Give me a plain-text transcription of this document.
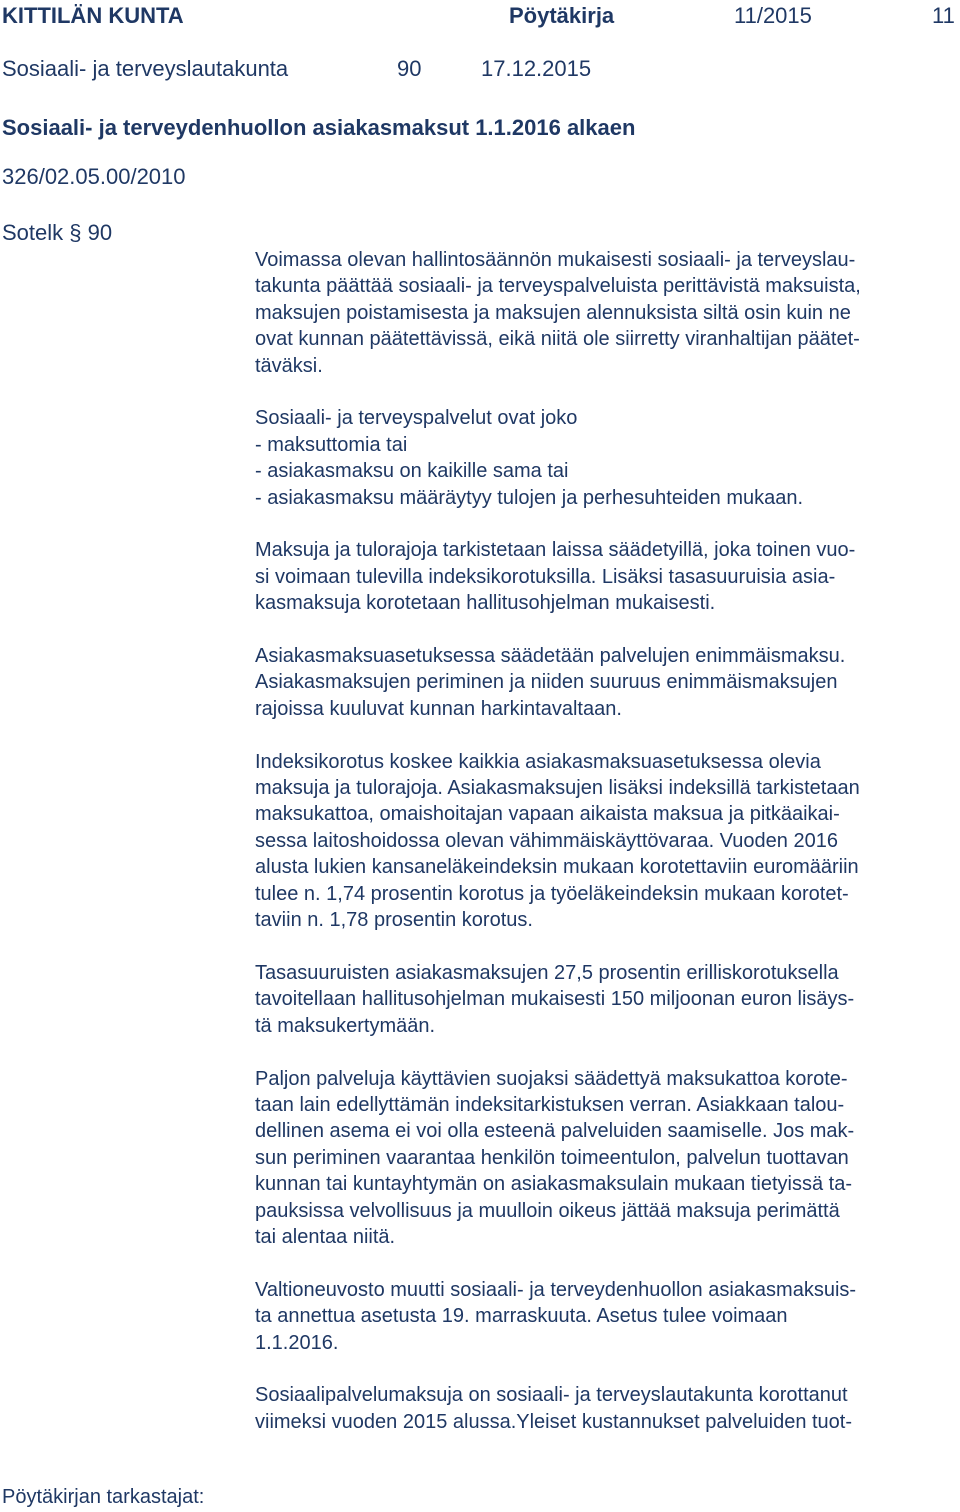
KITTILÄN KUNTA	Pöytäkirja	11/2015	11
Sosiaali- ja terveyslautakunta	90	17.12.2015
Sosiaali- ja terveydenhuollon asiakasmaksut 1.1.2016 alkaen
326/02.05.00/2010
Sotelk § 90

Voimassa olevan hallintosäännön mukaisesti sosiaali- ja terveyslau-
takunta päättää sosiaali- ja terveyspalveluista perittävistä maksuista,
maksujen poistamisesta ja maksujen alennuksista siltä osin kuin ne
ovat kunnan päätettävissä, eikä niitä ole siirretty viranhaltijan päätet-
täväksi.

Sosiaali- ja terveyspalvelut ovat joko
- maksuttomia tai
- asiakasmaksu on kaikille sama tai
- asiakasmaksu määräytyy tulojen ja perhesuhteiden mukaan.

Maksuja ja tulorajoja tarkistetaan laissa säädetyillä, joka toinen vuo-
si voimaan tulevilla indeksikorotuksilla. Lisäksi tasasuuruisia asia-
kasmaksuja korotetaan hallitusohjelman mukaisesti.

Asiakasmaksuasetuksessa säädetään palvelujen enimmäismaksu.
Asiakasmaksujen periminen ja niiden suuruus enimmäismaksujen
rajoissa kuuluvat kunnan harkintavaltaan.

Indeksikorotus koskee kaikkia asiakasmaksuasetuksessa olevia
maksuja ja tulorajoja. Asiakasmaksujen lisäksi indeksillä tarkistetaan
maksukattoa, omaishoitajan vapaan aikaista maksua ja pitkäaikai-
sessa laitoshoidossa olevan vähimmäiskäyttövaraa. Vuoden 2016
alusta lukien kansaneläkeindeksin mukaan korotettaviin euromääriin
tulee n. 1,74 prosentin korotus ja työeläkeindeksin mukaan korotet-
taviin n. 1,78 prosentin korotus.

Tasasuuruisten asiakasmaksujen 27,5 prosentin erilliskorotuksella
tavoitellaan hallitusohjelman mukaisesti 150 miljoonan euron lisäys-
tä maksukertymään.

Paljon palveluja käyttävien suojaksi säädettyä maksukattoa korote-
taan lain edellyttämän indeksitarkistuksen verran. Asiakkaan talou-
dellinen asema ei voi olla esteenä palveluiden saamiselle. Jos mak-
sun periminen vaarantaa henkilön toimeentulon, palvelun tuottavan
kunnan tai kuntayhtymän on asiakasmaksulain mukaan tietyissä ta-
pauksissa velvollisuus ja muulloin oikeus jättää maksuja perimättä
tai alentaa niitä.

Valtioneuvosto muutti sosiaali- ja terveydenhuollon asiakasmaksuis-
ta annettua asetusta 19. marraskuuta. Asetus tulee voimaan
1.1.2016.

Sosiaalipalvelumaksuja on sosiaali- ja terveyslautakunta korottanut
viimeksi vuoden 2015 alussa.Yleiset kustannukset palveluiden tuot-

Pöytäkirjan tarkastajat:
